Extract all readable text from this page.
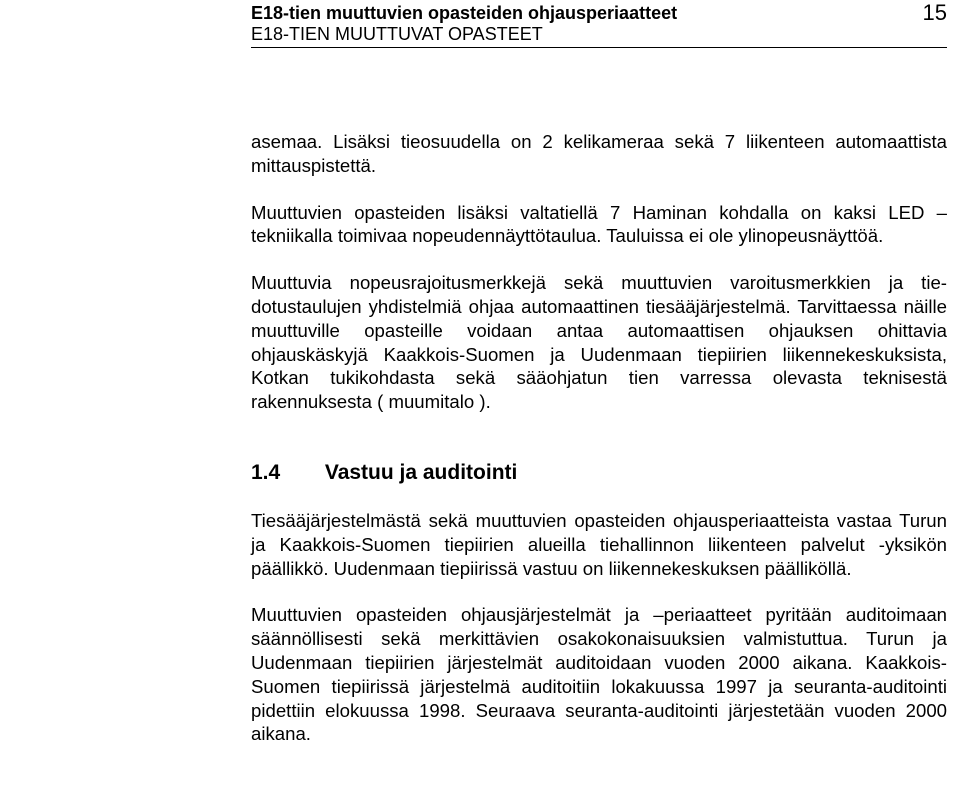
E18-tien muuttuvien opasteiden ohjausperiaatteet
E18-TIEN MUUTTUVAT OPASTEET
15

asemaa. Lisäksi tieosuudella on 2 kelikameraa sekä 7 liikenteen automaattista mittauspistettä.

Muuttuvien opasteiden lisäksi valtatiellä 7 Haminan kohdalla on kaksi LED – tekniikalla toimivaa nopeudennäyttötaulua. Tauluissa ei ole ylinopeusnäyttöä.

Muuttuvia nopeusrajoitusmerkkejä sekä muuttuvien varoitusmerkkien ja tiedotustaulujen yhdistelmiä ohjaa automaattinen tiesääjärjestelmä. Tarvittaessa näille muuttuville opasteille voidaan antaa automaattisen ohjauksen ohittavia ohjauskäskyjä Kaakkois-Suomen ja Uudenmaan tiepiirien liikennekeskuksista, Kotkan tukikohdasta sekä sääohjatun tien varressa olevasta teknisestä rakennuksesta ( muumitalo ).

1.4 Vastuu ja auditointi

Tiesääjärjestelmästä sekä muuttuvien opasteiden ohjausperiaatteista vastaa Turun ja Kaakkois-Suomen tiepiirien alueilla tiehallinnon liikenteen palvelut -yksikön päällikkö. Uudenmaan tiepiirissä vastuu on liikennekeskuksen päälliköllä.

Muuttuvien opasteiden ohjausjärjestelmät ja –periaatteet pyritään auditoimaan säännöllisesti sekä merkittävien osakokonaisuuksien valmistuttua. Turun ja Uudenmaan tiepiirien järjestelmät auditoidaan vuoden 2000 aikana. Kaakkois-Suomen tiepiirissä järjestelmä auditoitiin lokakuussa 1997 ja seuranta-auditointi pidettiin elokuussa 1998. Seuraava seuranta-auditointi järjestetään vuoden 2000 aikana.
